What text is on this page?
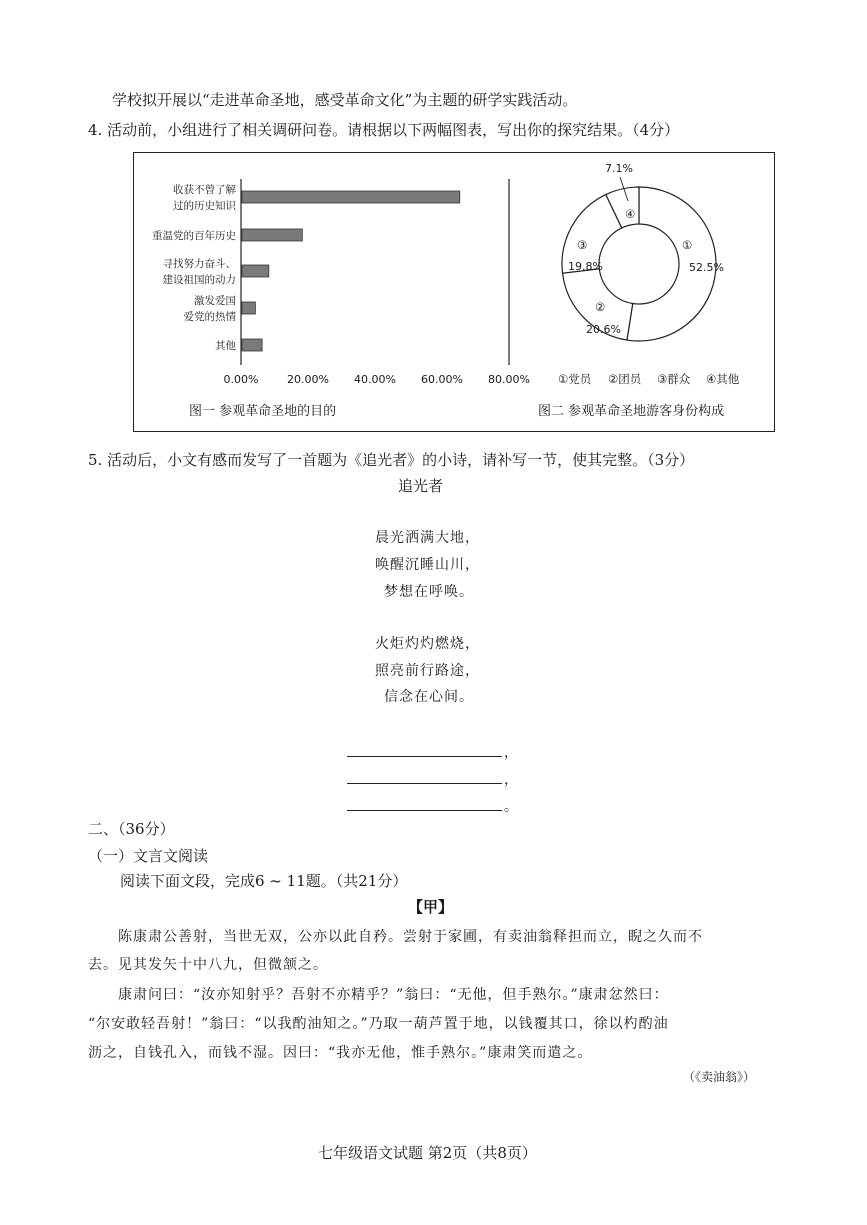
学校拟开展以“走进革命圣地，感受革命文化”为主题的研学实践活动。
4. 活动前，小组进行了相关调研问卷。请根据以下两幅图表，写出你的探究结果。（4分）
收获不曾了解
过的历史知识
重温党的百年历史
寻找努力奋斗、
建设祖国的动力
激发爱国
爱党的热情
其他
0.00%	20.00% 40.00% 60.00% 80.00%
图一 参观革命圣地的目的
①
52.5%
②
20.6%
③
19.8%
④
7.1%
①党员 ②团员 ③群众 ④其他
图二 参观革命圣地游客身份构成
5. 活动后，小文有感而发写了一首题为《追光者》的小诗，请补写一节，使其完整。（3分）
追光者
晨光洒满大地，
唤醒沉睡山川，
梦想在呼唤。
火炬灼灼燃烧，
照亮前行路途，
信念在心间。
，
，
。
二、（36分）
（一）文言文阅读
阅读下面文段，完成6 ~ 11题。（共21分）
【甲】
陈康肃公善射，当世无双，公亦以此自矜。尝射于家圃，有卖油翁释担而立，睨之久而不
去。见其发矢十中八九，但微颔之。
康肃问曰：“汝亦知射乎？吾射不亦精乎？”翁曰：“无他，但手熟尔。”康肃忿然曰：
“尔安敢轻吾射！”翁曰：“以我酌油知之。”乃取一葫芦置于地，以钱覆其口，徐以杓酌油
沥之，自钱孔入，而钱不湿。因曰：“我亦无他，惟手熟尔。”康肃笑而遣之。
（《卖油翁》）
七年级语文试题 第2页（共8页）
